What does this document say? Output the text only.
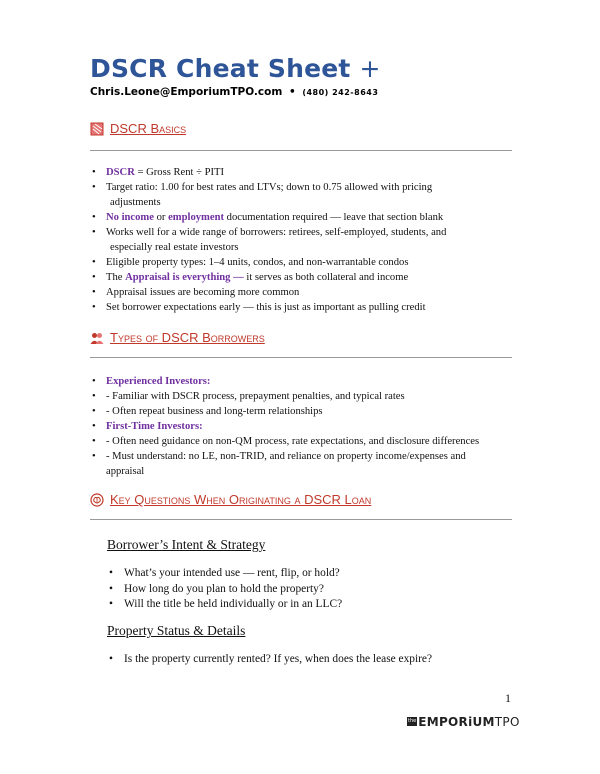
DSCR Cheat Sheet +
Chris.Leone@EmporiumTPO.com • (480) 242-8643
DSCR Basics
• DSCR = Gross Rent ÷ PITI
• Target ratio: 1.00 for best rates and LTVs; down to 0.75 allowed with pricing
adjustments
• No income or employment documentation required — leave that section blank
• Works well for a wide range of borrowers: retirees, self-employed, students, and
especially real estate investors
• Eligible property types: 1–4 units, condos, and non-warrantable condos
• The Appraisal is everything — it serves as both collateral and income
• Appraisal issues are becoming more common
• Set borrower expectations early — this is just as important as pulling credit
Types of DSCR Borrowers
• Experienced Investors:
• - Familiar with DSCR process, prepayment penalties, and typical rates
• - Often repeat business and long-term relationships
• First-Time Investors:
• - Often need guidance on non-QM process, rate expectations, and disclosure differences
• - Must understand: no LE, non-TRID, and reliance on property income/expenses and
appraisal
Key Questions When Originating a DSCR Loan
Borrower’s Intent & Strategy
• What’s your intended use — rent, flip, or hold?
• How long do you plan to hold the property?
• Will the title be held individually or in an LLC?
Property Status & Details
• Is the property currently rented? If yes, when does the lease expire?
1
the EMPORiUM TPO
